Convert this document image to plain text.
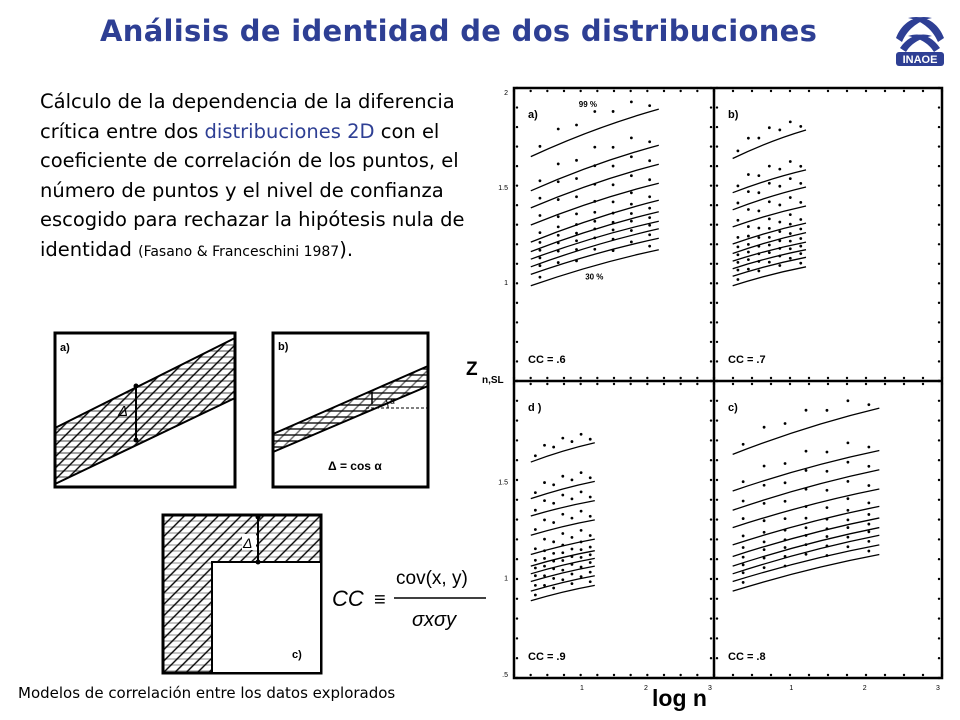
Análisis de identidad de dos distribuciones
INAOE
Cálculo de la dependencia de la diferencia crítica entre dos distribuciones 2D con el coeficiente de correlación de los puntos, el número de puntos y el nivel de confianza escogido para rechazar la hipótesis nula de identidad (Fasano & Franceschini 1987).
a)
Δ
b)
α
Δ = cos α
Δ
c)
CC ≡
cov(x, y)
σxσy
Modelos de correlación entre los datos explorados
a)
CC = .6
99 %
30 %
b)
CC = .7
d )
CC = .9
c)
CC = .8
2
1.5
1
1.5
1
.5
1	2	3	1	2	3
Z
n,SL
log n
